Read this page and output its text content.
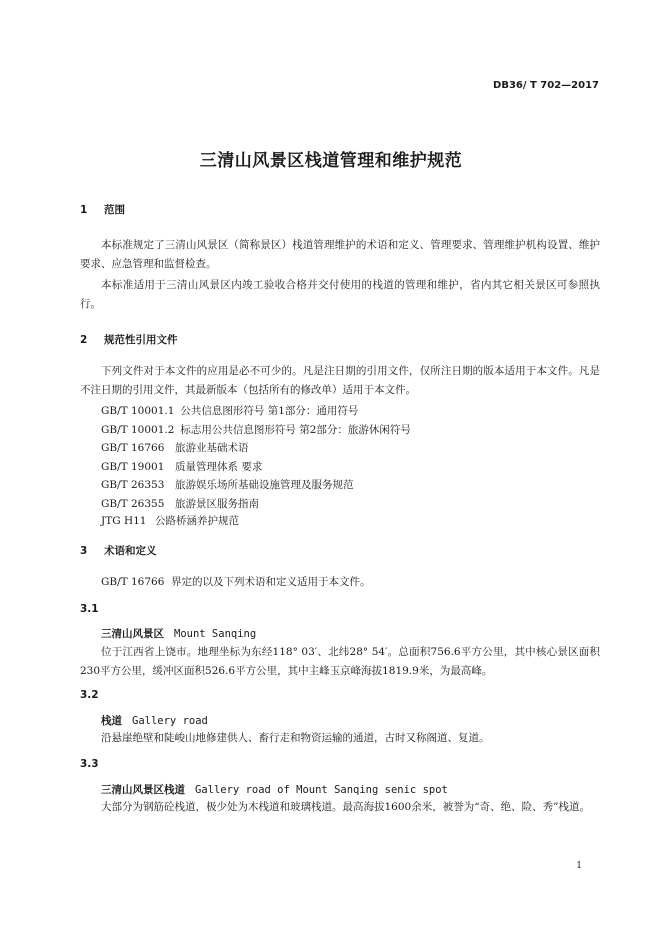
DB36/ T 702—2017
三清山风景区栈道管理和维护规范
1 范围
本标准规定了三清山风景区（简称景区）栈道管理维护的术语和定义、管理要求、管理维护机构设置、维护要求、应急管理和监督检查。
本标准适用于三清山风景区内竣工验收合格并交付使用的栈道的管理和维护，省内其它相关景区可参照执行。
2 规范性引用文件
下列文件对于本文件的应用是必不可少的。凡是注日期的引用文件，仅所注日期的版本适用于本文件。凡是不注日期的引用文件，其最新版本（包括所有的修改单）适用于本文件。
GB/T 10001.1 公共信息图形符号 第1部分：通用符号
GB/T 10001.2 标志用公共信息图形符号 第2部分：旅游休闲符号
GB/T 16766 旅游业基础术语
GB/T 19001 质量管理体系 要求
GB/T 26353 旅游娱乐场所基础设施管理及服务规范
GB/T 26355 旅游景区服务指南
JTG H11 公路桥涵养护规范
3 术语和定义
GB/T 16766  界定的以及下列术语和定义适用于本文件。
3.1
三清山风景区 Mount Sanqing
位于江西省上饶市。地理坐标为东经118° 03′、北纬28° 54′。总面积756.6平方公里，其中核心景区面积230平方公里，缓冲区面积526.6平方公里，其中主峰玉京峰海拔1819.9米，为最高峰。
3.2
栈道 Gallery road
沿悬崖绝壁和陡峻山地修建供人、畜行走和物资运输的通道，古时又称阁道、复道。
3.3
三清山风景区栈道 Gallery road of Mount Sanqing senic spot
大部分为钢筋砼栈道，极少处为木栈道和玻璃栈道。最高海拔1600余米，被誉为“奇、绝、险、秀”栈道。
1
